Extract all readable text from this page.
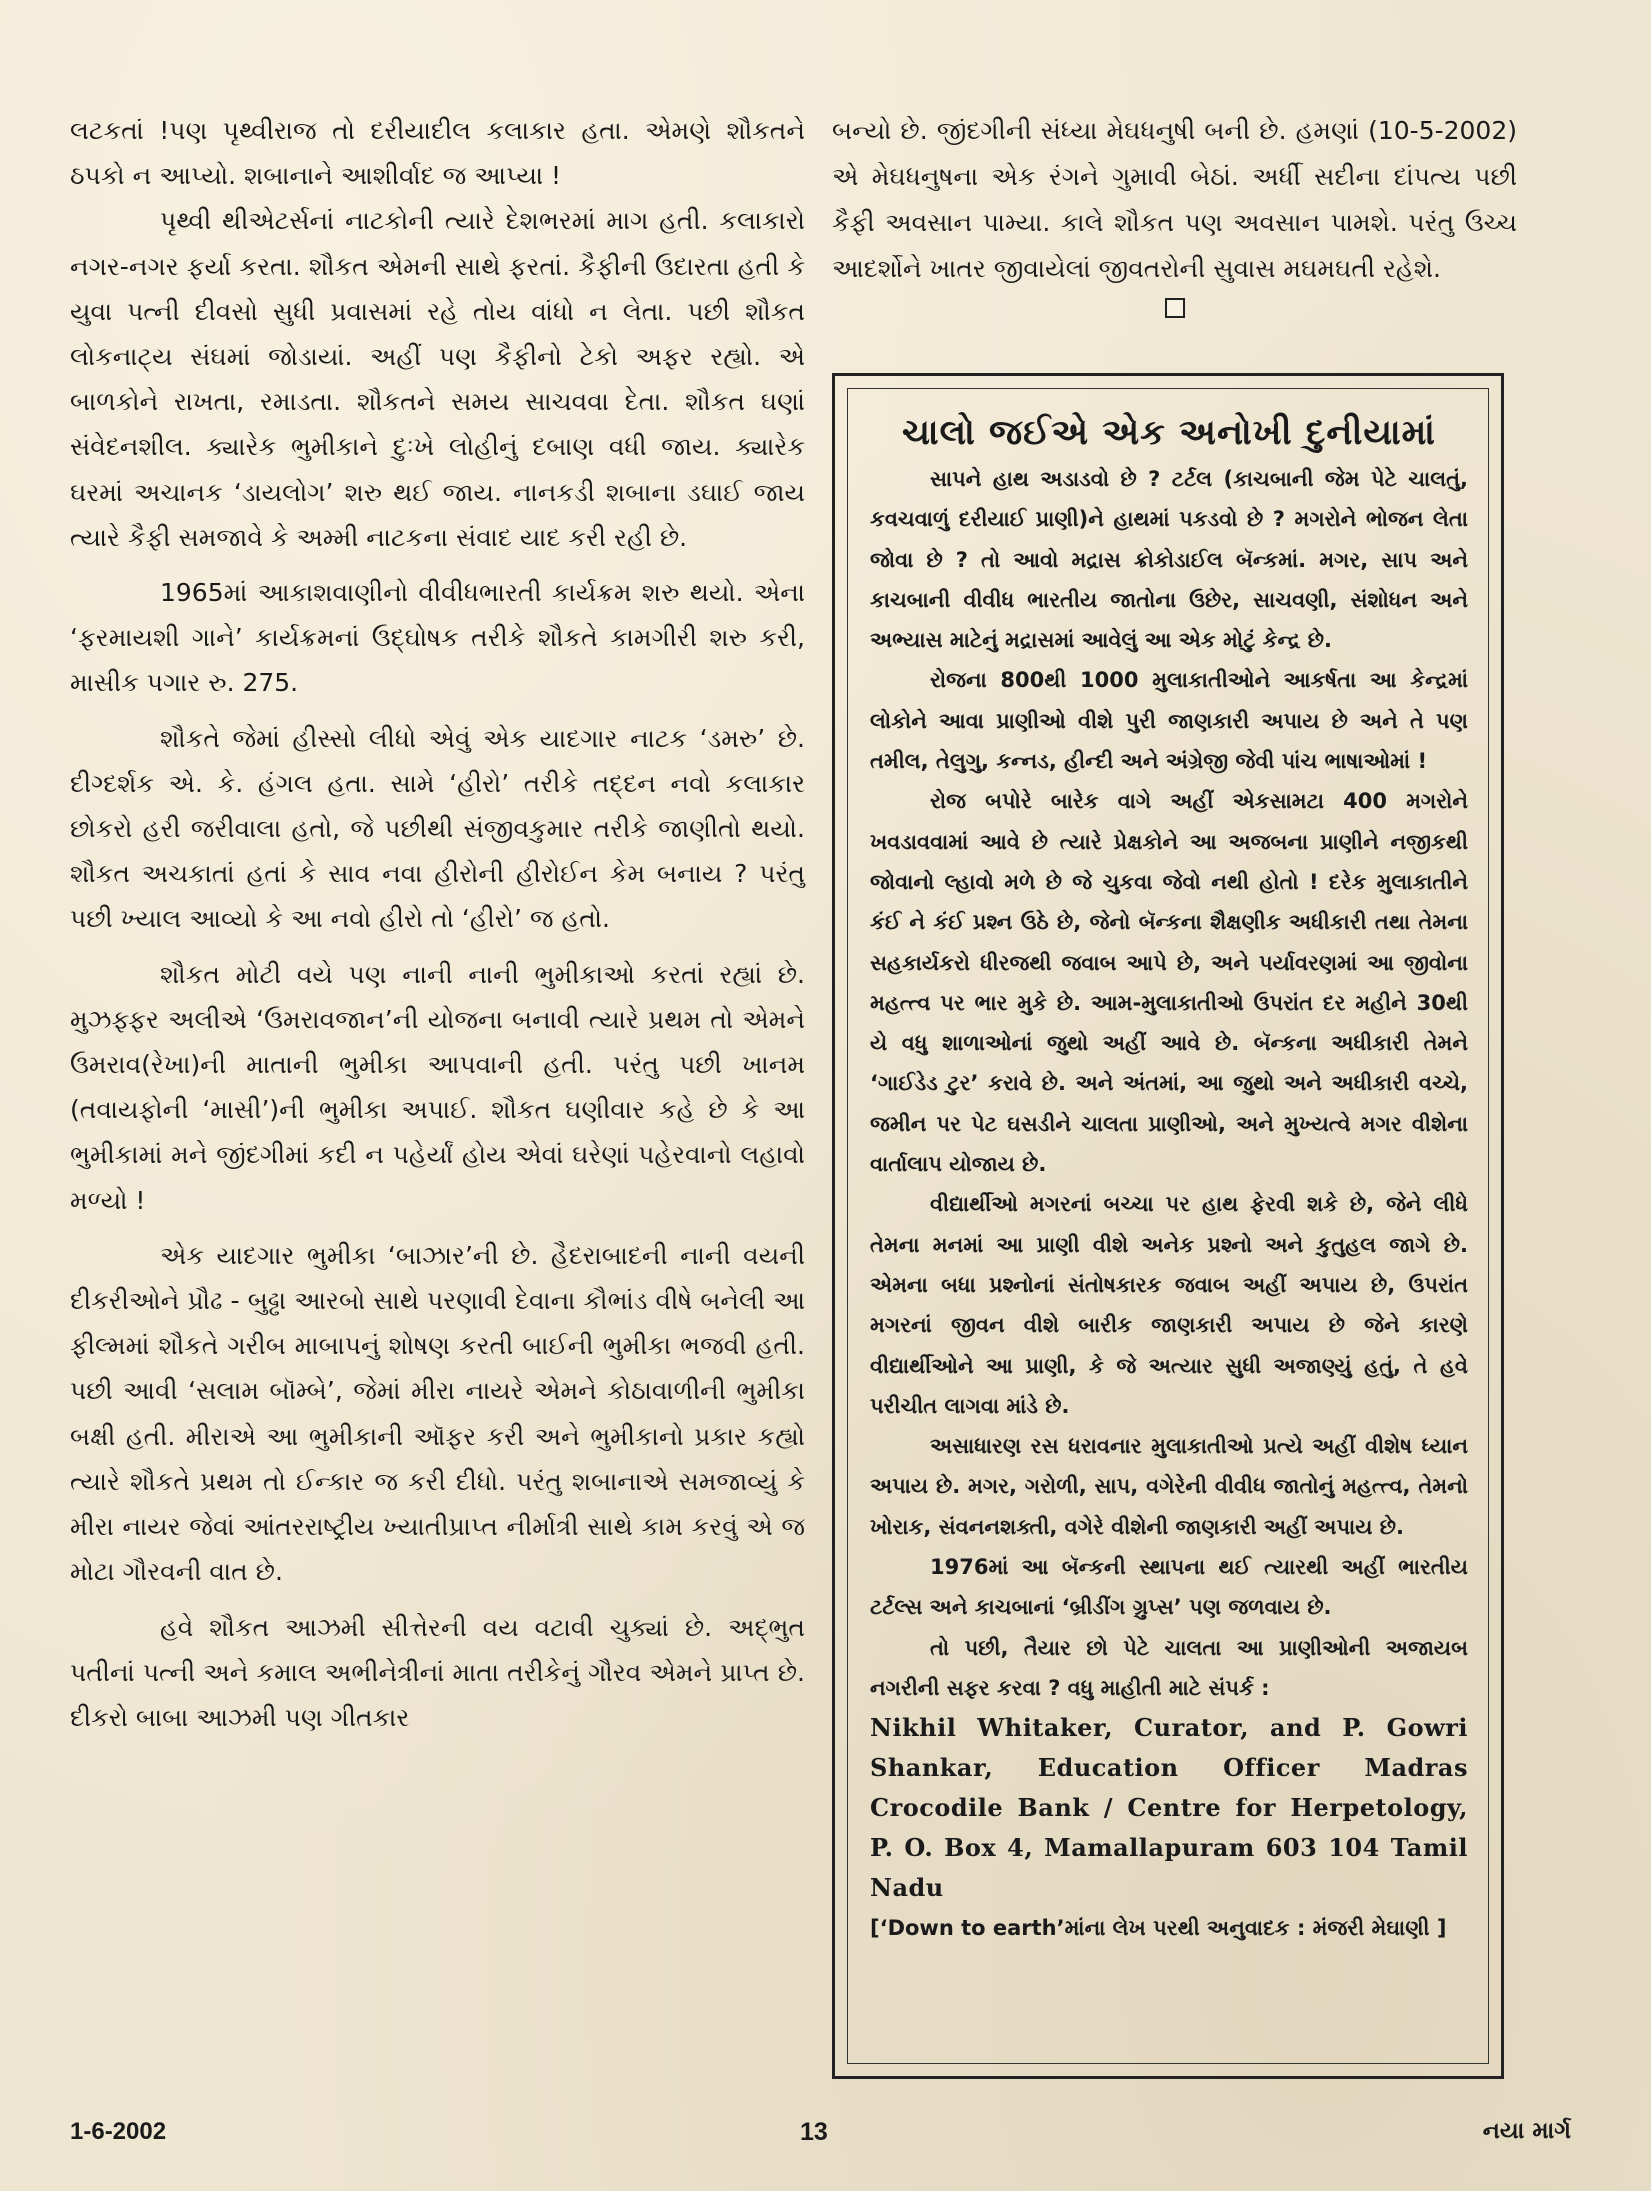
લટકતાં !પણ પૃથ્વીરાજ તો દરીયાદીલ કલાકાર હતા. એમણે શૌકતને ઠપકો ન આપ્યો. શબાનાને આશીર્વાદ જ આપ્યા !

પૃથ્વી થીએટર્સનાં નાટકોની ત્યારે દેશભરમાં માગ હતી. કલાકારો નગર-નગર ફર્યા કરતા. શૌકત એમની સાથે ફરતાં. કૈફીની ઉદારતા હતી કે યુવા પત્ની દીવસો સુધી પ્રવાસમાં રહે તોય વાંધો ન લેતા. પછી શૌકત લોકનાટ્ય સંઘમાં જોડાયાં. અહીં પણ કૈફીનો ટેકો અફર રહ્યો. એ બાળકોને રાખતા, રમાડતા. શૌકતને સમય સાચવવા દેતા. શૌકત ઘણાં સંવેદનશીલ. ક્યારેક ભુમીકાને દુઃખે લોહીનું દબાણ વધી જાય. ક્યારેક ઘરમાં અચાનક ‘ડાયલોગ’ શરુ થઈ જાય. નાનકડી શબાના ડઘાઈ જાય ત્યારે કૈફી સમજાવે કે અમ્મી નાટકના સંવાદ યાદ કરી રહી છે.

1965માં આકાશવાણીનો વીવીધભારતી કાર્યક્રમ શરુ થયો. એના ‘ફરમાયશી ગાને’ કાર્યક્રમનાં ઉદ્ઘોષક તરીકે શૌકતે કામગીરી શરુ કરી, માસીક પગાર રુ. 275.

શૌકતે જેમાં હીસ્સો લીધો એવું એક યાદગાર નાટક ‘ડમરુ’ છે. દીગ્દર્શક એ. કે. હંગલ હતા. સામે ‘હીરો’ તરીકે તદ્દન નવો કલાકાર છોકરો હરી જરીવાલા હતો, જે પછીથી સંજીવકુમાર તરીકે જાણીતો થયો. શૌકત અચકાતાં હતાં કે સાવ નવા હીરોની હીરોઈન કેમ બનાય ? પરંતુ પછી ખ્યાલ આવ્યો કે આ નવો હીરો તો ‘હીરો’ જ હતો.

શૌકત મોટી વયે પણ નાની નાની ભુમીકાઓ કરતાં રહ્યાં છે. મુઝફ્ફર અલીએ ‘ઉમરાવજાન’ની યોજના બનાવી ત્યારે પ્રથમ તો એમને ઉમરાવ(રેખા)ની માતાની ભુમીકા આપવાની હતી. પરંતુ પછી ખાનમ (તવાયફોની ‘માસી’)ની ભુમીકા અપાઈ. શૌકત ઘણીવાર કહે છે કે આ ભુમીકામાં મને જીંદગીમાં કદી ન પહેર્યાં હોય એવાં ઘરેણાં પહેરવાનો લહાવો મળ્યો !

એક યાદગાર ભુમીકા ‘બાઝાર’ની છે. હૈદરાબાદની નાની વયની દીકરીઓને પ્રૌઢ - બુઢ્ઢા આરબો સાથે પરણાવી દેવાના કૌભાંડ વીષે બનેલી આ ફીલ્મમાં શૌકતે ગરીબ માબાપનું શોષણ કરતી બાઈની ભુમીકા ભજવી હતી. પછી આવી ‘સલામ બૉમ્બે’, જેમાં મીરા નાયરે એમને કોઠાવાળીની ભુમીકા બક્ષી હતી. મીરાએ આ ભુમીકાની ઑફર કરી અને ભુમીકાનો પ્રકાર કહ્યો ત્યારે શૌકતે પ્રથમ તો ઈન્કાર જ કરી દીધો. પરંતુ શબાનાએ સમજાવ્યું કે મીરા નાયર જેવાં આંતરરાષ્ટ્રીય ખ્યાતીપ્રાપ્ત નીર્માત્રી સાથે કામ કરવું એ જ મોટા ગૌરવની વાત છે.

હવે શૌકત આઝમી સીત્તેરની વય વટાવી ચુક્યાં છે. અદ્ભુત પતીનાં પત્ની અને કમાલ અભીનેત્રીનાં માતા તરીકેનું ગૌરવ એમને પ્રાપ્ત છે. દીકરો બાબા આઝમી પણ ગીતકાર

બન્યો છે. જીંદગીની સંધ્યા મેઘધનુષી બની છે. હમણાં (10-5-2002) એ મેઘધનુષના એક રંગને ગુમાવી બેઠાં. અર્ધી સદીના દાંપત્ય પછી કૈફી અવસાન પામ્યા. કાલે શૌકત પણ અવસાન પામશે. પરંતુ ઉચ્ચ આદર્શોને ખાતર જીવાયેલાં જીવતરોની સુવાસ મઘમઘતી રહેશે.

ચાલો જઈએ એક અનોખી દુનીયામાં

સાપને હાથ અડાડવો છે ? ટર્ટલ (કાચબાની જેમ પેટે ચાલતું, કવચવાળું દરીયાઈ પ્રાણી)ને હાથમાં પકડવો છે ? મગરોને ભોજન લેતા જોવા છે ? તો આવો મદ્રાસ ક્રોકોડાઈલ બૅન્કમાં. મગર, સાપ અને કાચબાની વીવીધ ભારતીય જાતોના ઉછેર, સાચવણી, સંશોધન અને અભ્યાસ માટેનું મદ્રાસમાં આવેલું આ એક મોટું કેન્દ્ર છે.

રોજના 800થી 1000 મુલાકાતીઓને આકર્ષતા આ કેન્દ્રમાં લોકોને આવા પ્રાણીઓ વીશે પુરી જાણકારી અપાય છે અને તે પણ તમીલ, તેલુગુ, કન્નડ, હીન્દી અને અંગ્રેજી જેવી પાંચ ભાષાઓમાં !

રોજ બપોરે બારેક વાગે અહીં એકસામટા 400 મગરોને ખવડાવવામાં આવે છે ત્યારે પ્રેક્ષકોને આ અજબના પ્રાણીને નજીકથી જોવાનો લ્હાવો મળે છે જે ચુકવા જેવો નથી હોતો ! દરેક મુલાકાતીને કંઈ ને કંઈ પ્રશ્ન ઉઠે છે, જેનો બૅન્કના શૈક્ષણીક અધીકારી તથા તેમના સહકાર્યકરો ધીરજથી જવાબ આપે છે, અને પર્યાવરણમાં આ જીવોના મહત્ત્વ પર ભાર મુકે છે. આમ-મુલાકાતીઓ ઉપરાંત દર મહીને 30થી યે વધુ શાળાઓનાં જુથો અહીં આવે છે. બૅન્કના અધીકારી તેમને ‘ગાઈડેડ ટુર’ કરાવે છે. અને અંતમાં, આ જુથો અને અધીકારી વચ્ચે, જમીન પર પેટ ઘસડીને ચાલતા પ્રાણીઓ, અને મુખ્યત્વે મગર વીશેના વાર્તાલાપ યોજાય છે.

વીદ્યાર્થીઓ મગરનાં બચ્ચા પર હાથ ફેરવી શકે છે, જેને લીધે તેમના મનમાં આ પ્રાણી વીશે અનેક પ્રશ્નો અને કુતુહલ જાગે છે. એમના બધા પ્રશ્નોનાં સંતોષકારક જવાબ અહીં અપાય છે, ઉપરાંત મગરનાં જીવન વીશે બારીક જાણકારી અપાય છે જેને કારણે વીદ્યાર્થીઓને આ પ્રાણી, કે જે અત્યાર સુધી અજાણ્યું હતું, તે હવે પરીચીત લાગવા માંડે છે.

અસાધારણ રસ ધરાવનાર મુલાકાતીઓ પ્રત્યે અહીં વીશેષ ધ્યાન અપાય છે. મગર, ગરોળી, સાપ, વગેરેની વીવીધ જાતોનું મહત્ત્વ, તેમનો ખોરાક, સંવનનશક્તી, વગેરે વીશેની જાણકારી અહીં અપાય છે.

1976માં આ બૅન્કની સ્થાપના થઈ ત્યારથી અહીં ભારતીય ટર્ટલ્સ અને કાચબાનાં ‘બ્રીડીંગ ગ્રુપ્સ’ પણ જળવાય છે.

તો પછી, તૈયાર છો પેટે ચાલતા આ પ્રાણીઓની અજાયબ નગરીની સફર કરવા ? વધુ માહીતી માટે સંપર્ક :

Nikhil Whitaker, Curator, and P. Gowri Shankar, Education Officer Madras Crocodile Bank / Centre for Herpetology, P. O. Box 4, Mamallapuram 603 104 Tamil Nadu

[‘Down to earth’માંના લેખ પરથી અનુવાદક : મંજરી મેઘાણી ]

1-6-2002	13	નયા માર્ગ
